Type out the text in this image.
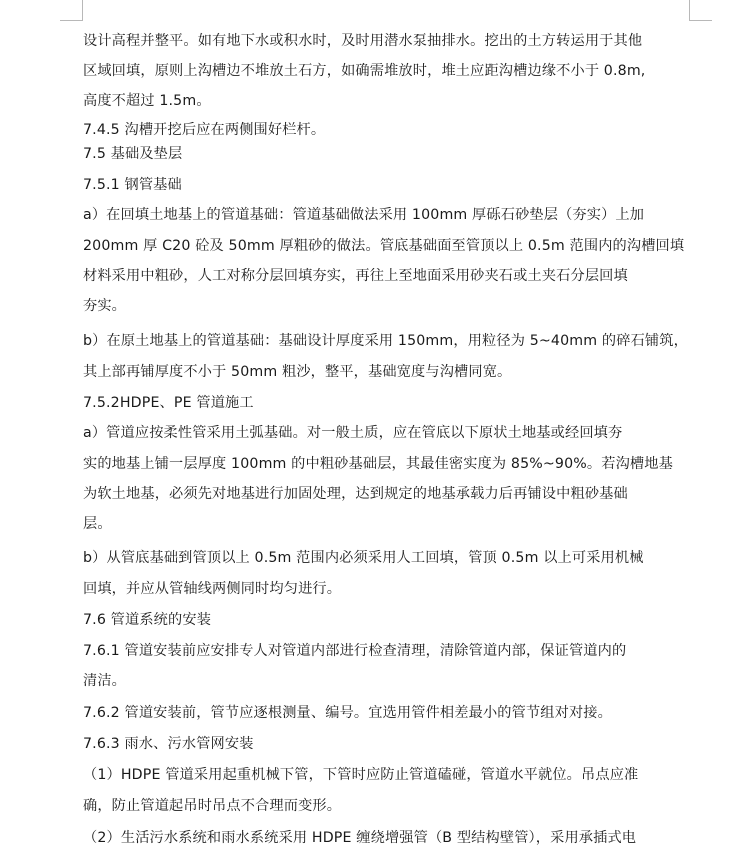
设计高程并整平。如有地下水或积水时，及时用潜水泵抽排水。挖出的土方转运用于其他
区域回填，原则上沟槽边不堆放土石方，如确需堆放时，堆土应距沟槽边缘不小于 0.8m,
高度不超过 1.5m。
7.4.5 沟槽开挖后应在两侧围好栏杆。
7.5 基础及垫层
7.5.1 钢管基础
a）在回填土地基上的管道基础：管道基础做法采用 100mm 厚砾石砂垫层（夯实）上加
200mm 厚 C20 砼及 50mm 厚粗砂的做法。管底基础面至管顶以上 0.5m 范围内的沟槽回填
材料采用中粗砂，人工对称分层回填夯实，再往上至地面采用砂夹石或土夹石分层回填
夯实。
b）在原土地基上的管道基础：基础设计厚度采用 150mm，用粒径为 5~40mm 的碎石铺筑，
其上部再铺厚度不小于 50mm 粗沙，整平，基础宽度与沟槽同宽。
7.5.2HDPE、PE 管道施工
a）管道应按柔性管采用土弧基础。对一般土质，应在管底以下原状土地基或经回填夯
实的地基上铺一层厚度 100mm 的中粗砂基础层，其最佳密实度为 85%~90%。若沟槽地基
为软土地基，必须先对地基进行加固处理，达到规定的地基承载力后再铺设中粗砂基础
层。
b）从管底基础到管顶以上 0.5m 范围内必须采用人工回填，管顶 0.5m 以上可采用机械
回填，并应从管轴线两侧同时均匀进行。
7.6 管道系统的安装
7.6.1 管道安装前应安排专人对管道内部进行检查清理，清除管道内部，保证管道内的
清洁。
7.6.2 管道安装前，管节应逐根测量、编号。宜选用管件相差最小的管节组对对接。
7.6.3 雨水、污水管网安装
（1）HDPE 管道采用起重机械下管，下管时应防止管道磕碰，管道水平就位。吊点应准
确，防止管道起吊时吊点不合理而变形。
（2）生活污水系统和雨水系统采用 HDPE 缠绕增强管（B 型结构壁管），采用承插式电
